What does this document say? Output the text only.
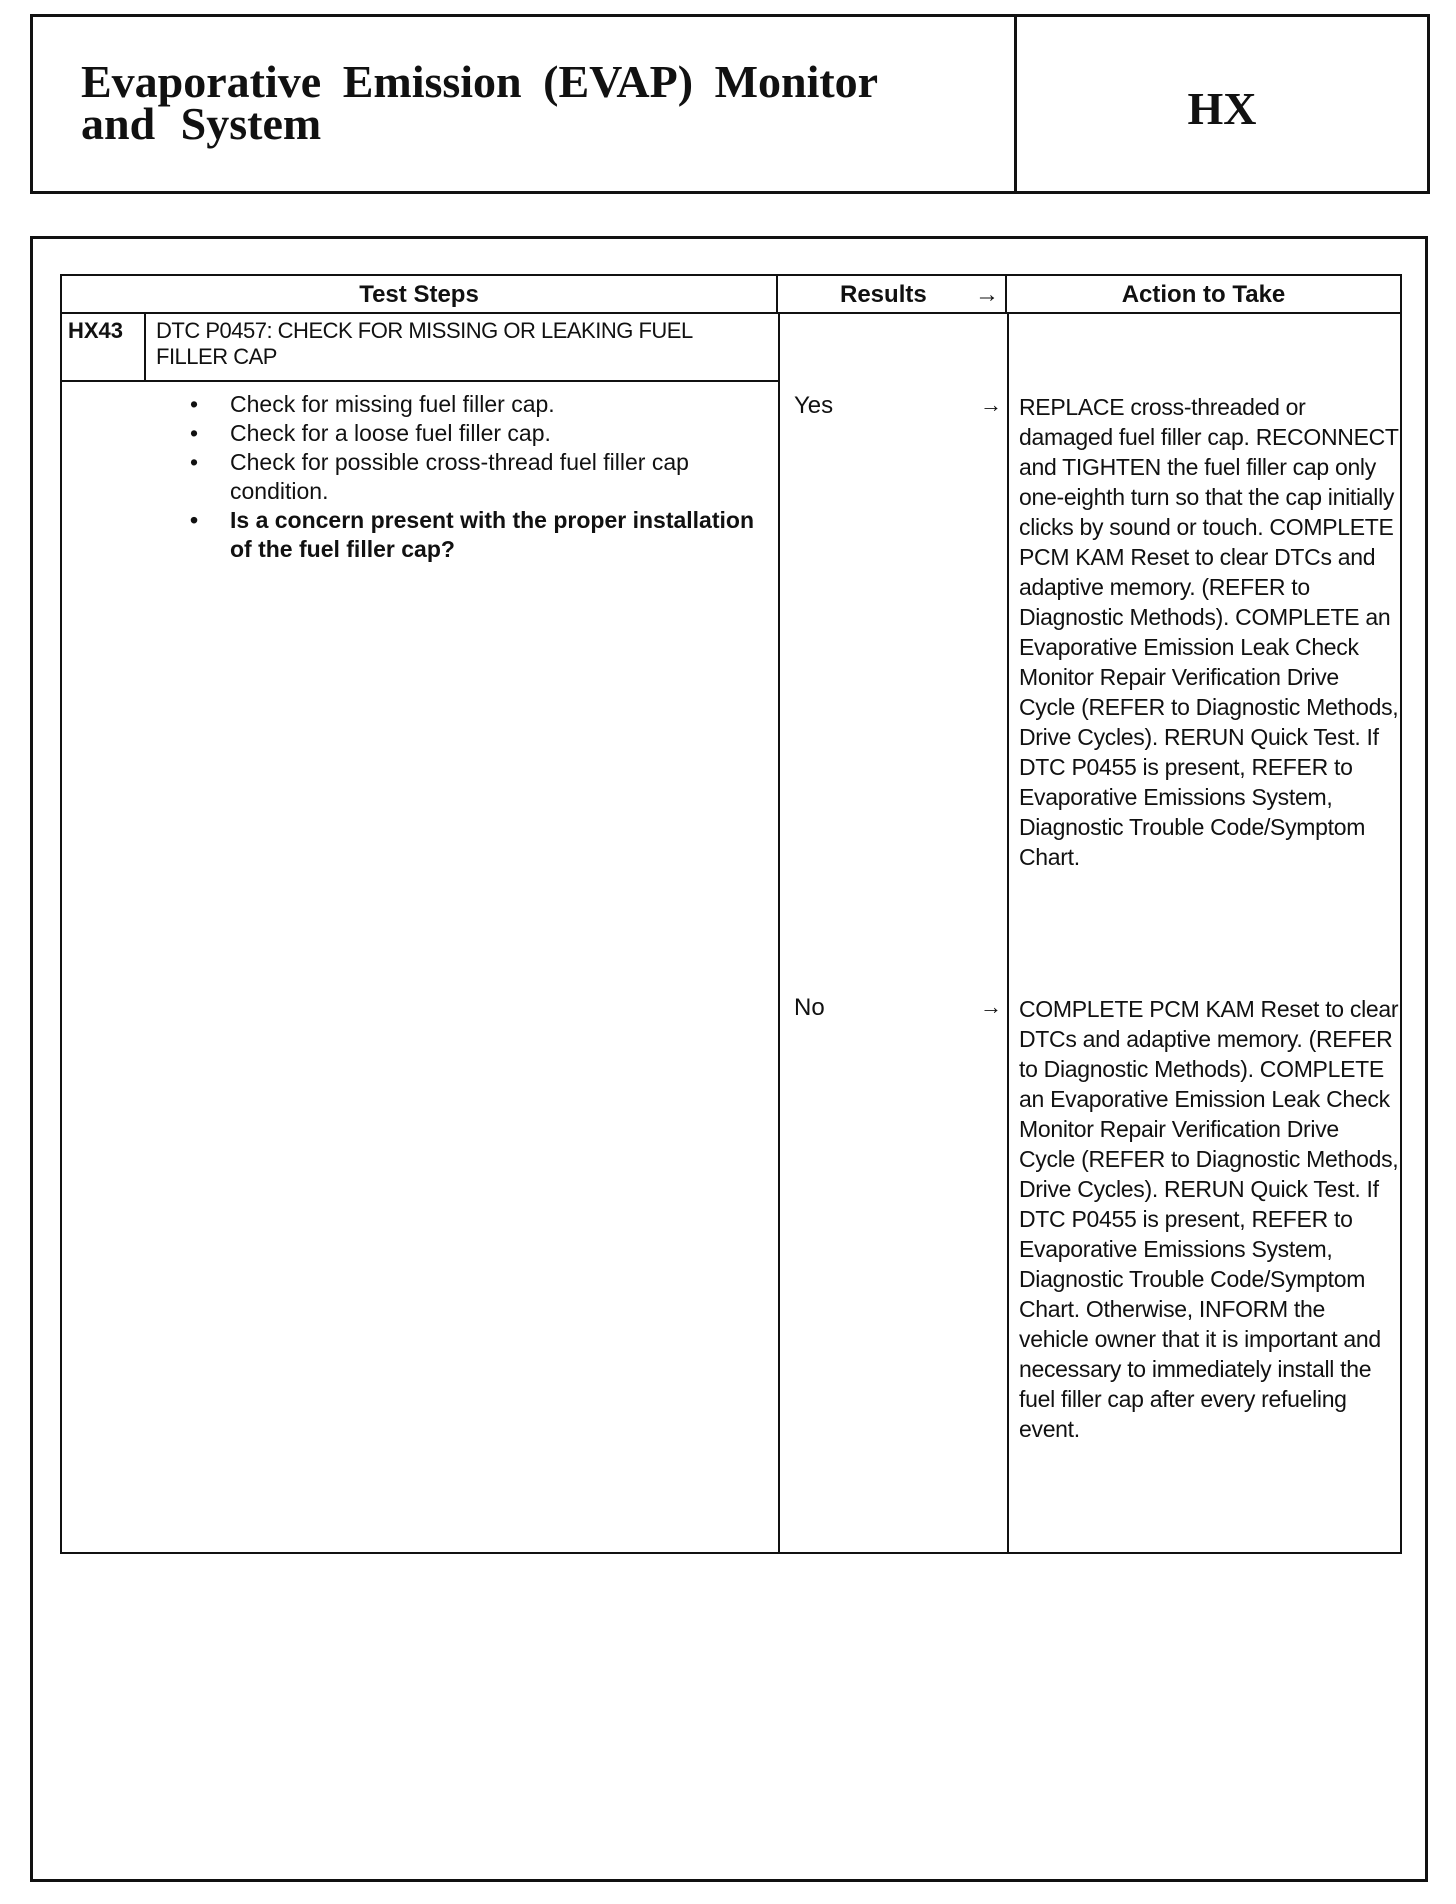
Evaporative Emission (EVAP) Monitor
and System	HX
Test Steps	Results →	Action to Take
HX43 DTC P0457: CHECK FOR MISSING OR LEAKING FUEL FILLER CAP
• Check for missing fuel filler cap.
• Check for a loose fuel filler cap.
• Check for possible cross-thread fuel filler cap condition.
• Is a concern present with the proper installation of the fuel filler cap?
Yes	→ REPLACE cross-threaded or damaged fuel filler cap. RECONNECT and TIGHTEN the fuel filler cap only one-eighth turn so that the cap initially clicks by sound or touch. COMPLETE PCM KAM Reset to clear DTCs and adaptive memory. (REFER to Diagnostic Methods). COMPLETE an Evaporative Emission Leak Check Monitor Repair Verification Drive Cycle (REFER to Diagnostic Methods, Drive Cycles). RERUN Quick Test. If DTC P0455 is present, REFER to Evaporative Emissions System, Diagnostic Trouble Code/Symptom Chart.

No	→ COMPLETE PCM KAM Reset to clear DTCs and adaptive memory. (REFER to Diagnostic Methods). COMPLETE an Evaporative Emission Leak Check Monitor Repair Verification Drive Cycle (REFER to Diagnostic Methods, Drive Cycles). RERUN Quick Test. If DTC P0455 is present, REFER to Evaporative Emissions System, Diagnostic Trouble Code/Symptom Chart. Otherwise, INFORM the vehicle owner that it is important and necessary to immediately install the fuel filler cap after every refueling event.
